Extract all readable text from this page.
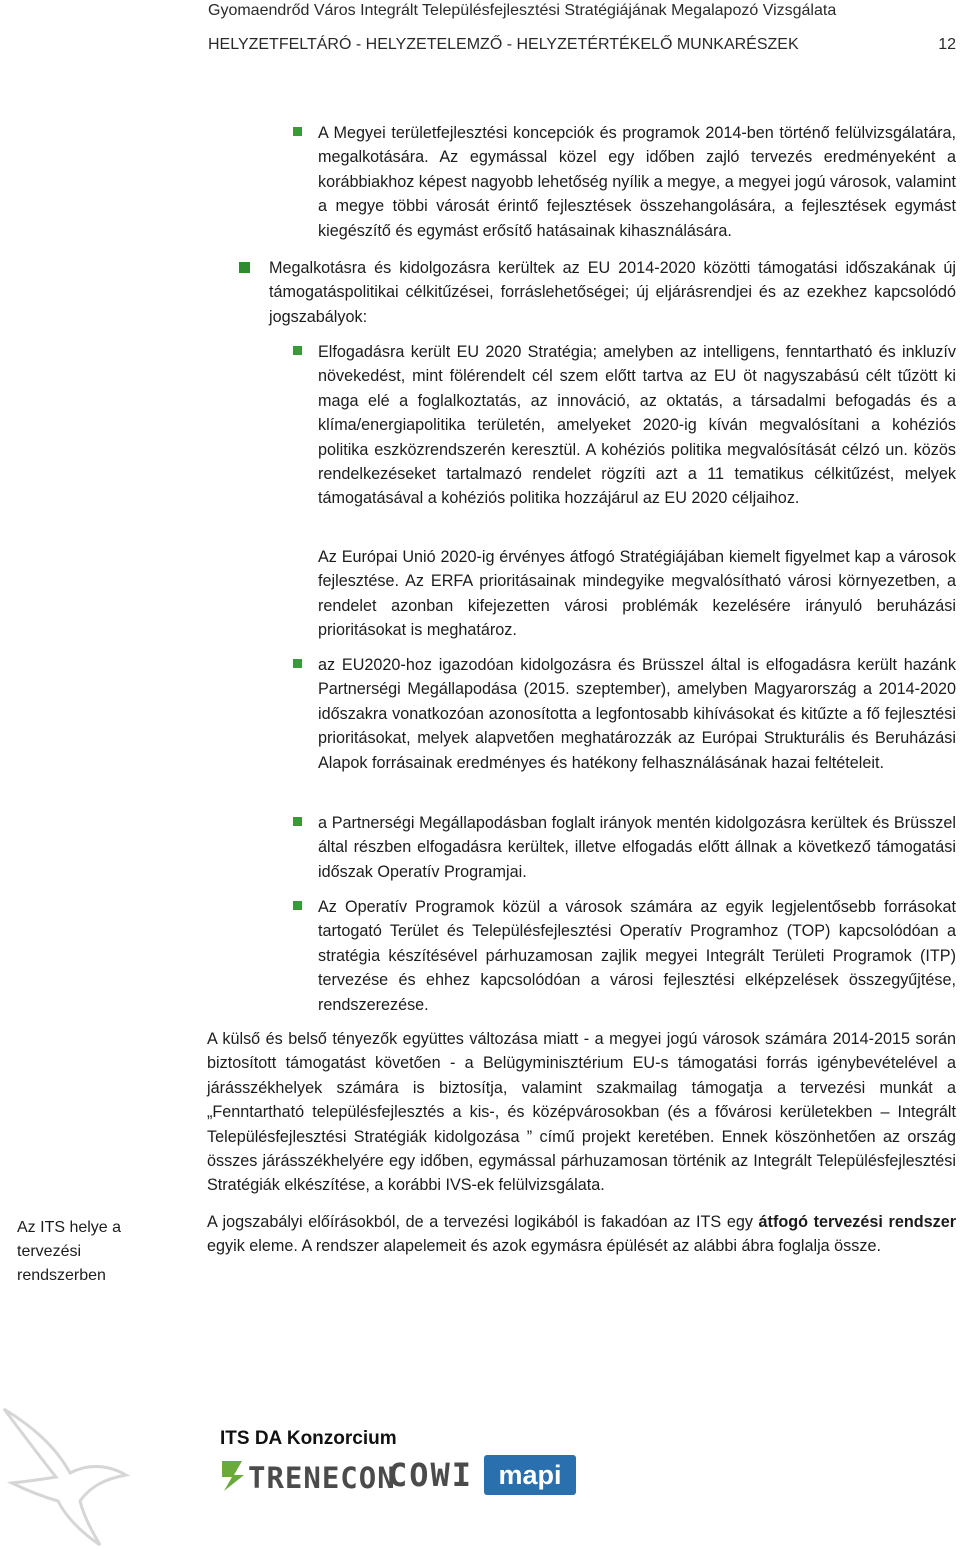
Gyomaendrőd Város Integrált Településfejlesztési Stratégiájának Megalapozó Vizsgálata
HELYZETFELTÁRÓ - HELYZETELEMZŐ - HELYZETÉRTÉKELŐ MUNKARÉSZEK	12
A Megyei területfejlesztési koncepciók és programok 2014-ben történő felülvizsgálatára, megalkotására. Az egymással közel egy időben zajló tervezés eredményeként a korábbiakhoz képest nagyobb lehetőség nyílik a megye, a megyei jogú városok, valamint a megye többi városát érintő fejlesztések összehangolására, a fejlesztések egymást kiegészítő és egymást erősítő hatásainak kihasználására.
Megalkotásra és kidolgozásra kerültek az EU 2014-2020 közötti támogatási időszakának új támogatáspolitikai célkitűzései, forráslehetőségei; új eljárásrendjei és az ezekhez kapcsolódó jogszabályok:
Elfogadásra került EU 2020 Stratégia; amelyben az intelligens, fenntartható és inkluzív növekedést, mint fölérendelt cél szem előtt tartva az EU öt nagyszabású célt tűzött ki maga elé a foglalkoztatás, az innováció, az oktatás, a társadalmi befogadás és a klíma/energiapolitika területén, amelyeket 2020-ig kíván megvalósítani a kohéziós politika eszközrendszerén keresztül. A kohéziós politika megvalósítását célzó un. közös rendelkezéseket tartalmazó rendelet rögzíti azt a 11 tematikus célkitűzést, melyek támogatásával a kohéziós politika hozzájárul az EU 2020 céljaihoz.
Az Európai Unió 2020-ig érvényes átfogó Stratégiájában kiemelt figyelmet kap a városok fejlesztése. Az ERFA prioritásainak mindegyike megvalósítható városi környezetben, a rendelet azonban kifejezetten városi problémák kezelésére irányuló beruházási prioritásokat is meghatároz.
az EU2020-hoz igazodóan kidolgozásra és Brüsszel által is elfogadásra került hazánk Partnerségi Megállapodása (2015. szeptember), amelyben Magyarország a 2014-2020 időszakra vonatkozóan azonosította a legfontosabb kihívásokat és kitűzte a fő fejlesztési prioritásokat, melyek alapvetően meghatározzák az Európai Strukturális és Beruházási Alapok forrásainak eredményes és hatékony felhasználásának hazai feltételeit.
a Partnerségi Megállapodásban foglalt irányok mentén kidolgozásra kerültek és Brüsszel által részben elfogadásra kerültek, illetve elfogadás előtt állnak a következő támogatási időszak Operatív Programjai.
Az Operatív Programok közül a városok számára az egyik legjelentősebb forrásokat tartogató Terület és Településfejlesztési Operatív Programhoz (TOP) kapcsolódóan a stratégia készítésével párhuzamosan zajlik megyei Integrált Területi Programok (ITP) tervezése és ehhez kapcsolódóan a városi fejlesztési elképzelések összegyűjtése, rendszerezése.
A külső és belső tényezők együttes változása miatt - a megyei jogú városok számára 2014-2015 során biztosított támogatást követően - a Belügyminisztérium EU-s támogatási forrás igénybevételével a járásszékhelyek számára is biztosítja, valamint szakmailag támogatja a tervezési munkát a „Fenntartható településfejlesztés a kis-, és középvárosokban (és a fővárosi kerületekben – Integrált Településfejlesztési Stratégiák kidolgozása ” című projekt keretében. Ennek köszönhetően az ország összes járásszékhelyére egy időben, egymással párhuzamosan történik az Integrált Településfejlesztési Stratégiák elkészítése, a korábbi IVS-ek felülvizsgálata.
Az ITS helye a tervezési rendszerben
A jogszabályi előírásokból, de a tervezési logikából is fakadóan az ITS egy átfogó tervezési rendszer egyik eleme. A rendszer alapelemeit és azok egymásra épülését az alábbi ábra foglalja össze.
ITS DA Konzorcium
TRENECON
COWI mapi
